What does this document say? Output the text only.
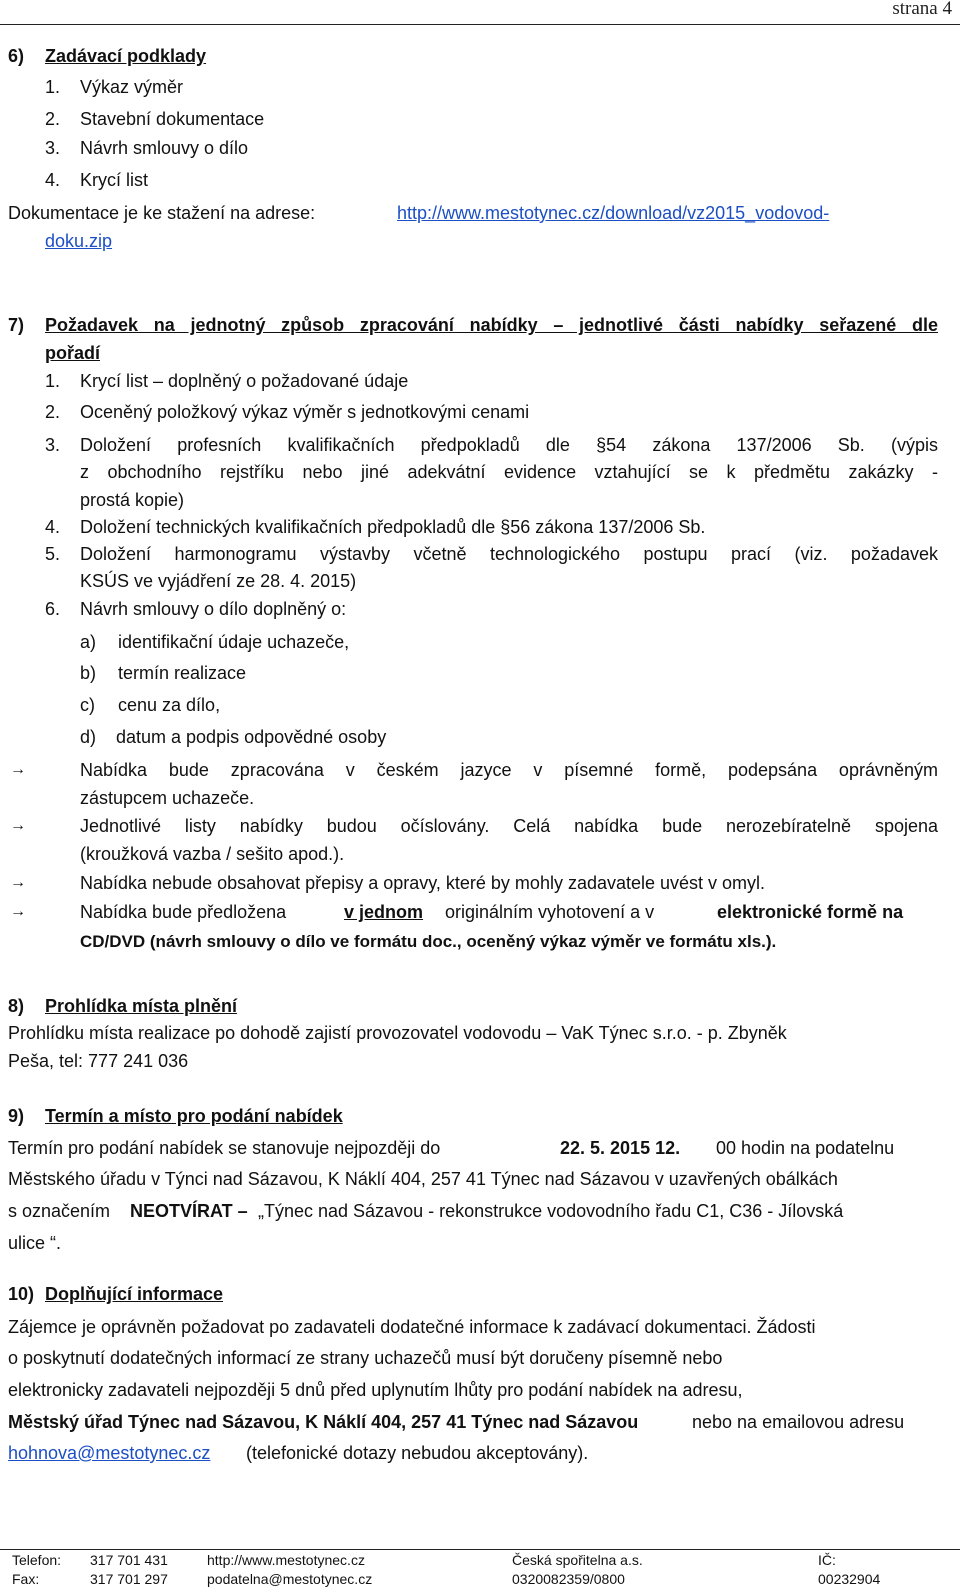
strana 4
6) Zadávací podklady
1. Výkaz výměr
2. Stavební dokumentace
3. Návrh smlouvy o dílo
4. Krycí list
Dokumentace je ke stažení na adrese:	http://www.mestotynec.cz/download/vz2015_vodovod-
doku.zip
7) Požadavek na jednotný způsob zpracování nabídky – jednotlivé části nabídky seřazené dle
pořadí
1. Krycí list – doplněný o požadované údaje
2. Oceněný položkový výkaz výměr s jednotkovými cenami
3. Doložení profesních kvalifikačních předpokladů dle §54 zákona 137/2006 Sb. (výpis
z obchodního rejstříku nebo jiné adekvátní evidence vztahující se k předmětu zakázky -
prostá kopie)
4. Doložení technických kvalifikačních předpokladů dle §56 zákona 137/2006 Sb.
5. Doložení harmonogramu výstavby včetně technologického postupu prací (viz. požadavek
KSÚS ve vyjádření ze 28. 4. 2015)
6. Návrh smlouvy o dílo doplněný o:
a) identifikační údaje uchazeče,
b) termín realizace
c) cenu za dílo,
d) datum a podpis odpovědné osoby
→	Nabídka bude zpracována v českém jazyce v písemné formě, podepsána oprávněným
zástupcem uchazeče.
→	Jednotlivé listy nabídky budou očíslovány. Celá nabídka bude nerozebíratelně spojena
(kroužková vazba / sešito apod.).
→	Nabídka nebude obsahovat přepisy a opravy, které by mohly zadavatele uvést v omyl.
→	Nabídka bude předložena	v jednom originálním vyhotovení a v	elektronické formě na
CD/DVD (návrh smlouvy o dílo ve formátu doc., oceněný výkaz výměr ve formátu xls.).
8) Prohlídka místa plnění
Prohlídku místa realizace po dohodě zajistí provozovatel vodovodu – VaK Týnec s.r.o. - p. Zbyněk
Peša, tel: 777 241 036
9) Termín a místo pro podání nabídek
Termín pro podání nabídek se stanovuje nejpozději do	22. 5. 2015 12. 00 hodin na podatelnu
Městského úřadu v Týnci nad Sázavou, K Náklí 404, 257 41 Týnec nad Sázavou v uzavřených obálkách
s označením NEOTVÍRAT – „Týnec nad Sázavou - rekonstrukce vodovodního řadu C1, C36 - Jílovská
ulice “.
10) Doplňující informace
Zájemce je oprávněn požadovat po zadavateli dodatečné informace k zadávací dokumentaci. Žádosti
o poskytnutí dodatečných informací ze strany uchazečů musí být doručeny písemně nebo
elektronicky zadavateli nejpozději 5 dnů před uplynutím lhůty pro podání nabídek na adresu,
Městský úřad Týnec nad Sázavou, K Náklí 404, 257 41 Týnec nad Sázavou	nebo na emailovou adresu
hohnova@mestotynec.cz (telefonické dotazy nebudou akceptovány).
Telefon: 317 701 431	http://www.mestotynec.cz	Česká spořitelna a.s.	IČ:
Fax:	317 701 297	podatelna@mestotynec.cz	0320082359/0800	00232904
